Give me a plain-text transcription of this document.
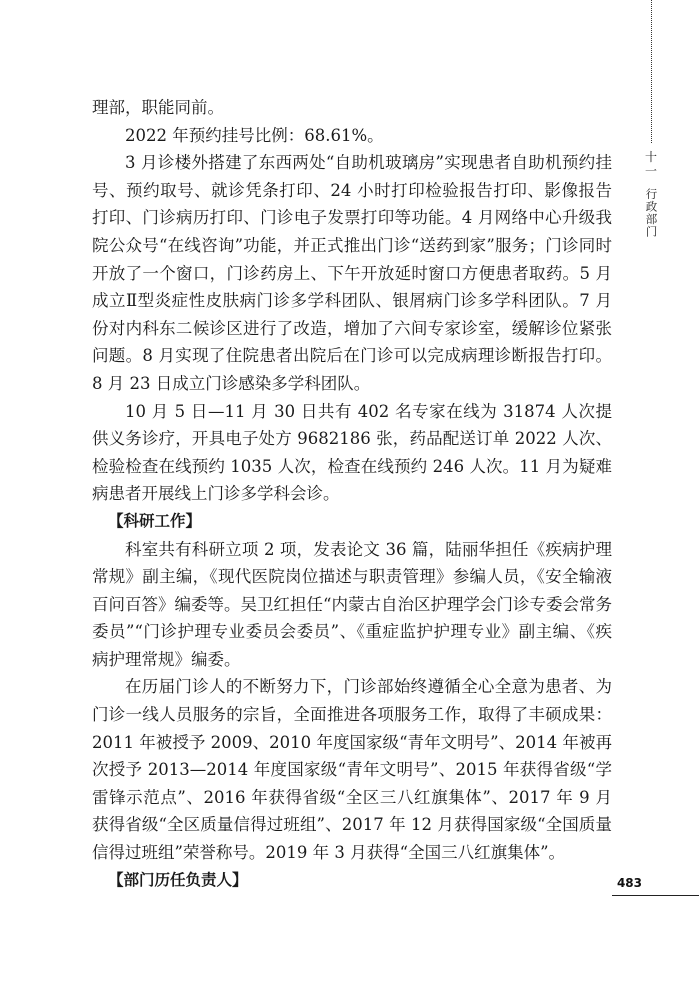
十一
行政部门

理部，职能同前。

2022 年预约挂号比例：68.61%。

3 月诊楼外搭建了东西两处“自助机玻璃房”实现患者自助机预约挂号、预约取号、就诊凭条打印、24 小时打印检验报告打印、影像报告打印、门诊病历打印、门诊电子发票打印等功能。4 月网络中心升级我院公众号“在线咨询”功能，并正式推出门诊“送药到家”服务；门诊同时开放了一个窗口，门诊药房上、下午开放延时窗口方便患者取药。5 月成立Ⅱ型炎症性皮肤病门诊多学科团队、银屑病门诊多学科团队。7 月份对内科东二候诊区进行了改造，增加了六间专家诊室，缓解诊位紧张问题。8 月实现了住院患者出院后在门诊可以完成病理诊断报告打印。8 月 23 日成立门诊感染多学科团队。

10 月 5 日—11 月 30 日共有 402 名专家在线为 31874 人次提供义务诊疗，开具电子处方 9682186 张，药品配送订单 2022 人次、检验检查在线预约 1035 人次，检查在线预约 246 人次。11 月为疑难病患者开展线上门诊多学科会诊。

【科研工作】

科室共有科研立项 2 项，发表论文 36 篇，陆丽华担任《疾病护理常规》副主编，《现代医院岗位描述与职责管理》参编人员，《安全输液百问百答》编委等。吴卫红担任“内蒙古自治区护理学会门诊专委会常务委员”“门诊护理专业委员会委员”、《重症监护护理专业》副主编、《疾病护理常规》编委。

在历届门诊人的不断努力下，门诊部始终遵循全心全意为患者、为门诊一线人员服务的宗旨，全面推进各项服务工作，取得了丰硕成果：2011 年被授予 2009、2010 年度国家级“青年文明号”、2014 年被再次授予 2013—2014 年度国家级“青年文明号”、2015 年获得省级“学雷锋示范点”、2016 年获得省级“全区三八红旗集体”、2017 年 9 月获得省级“全区质量信得过班组”、2017 年 12 月获得国家级“全国质量信得过班组”荣誉称号。2019 年 3 月获得“全国三八红旗集体”。

【部门历任负责人】	483
